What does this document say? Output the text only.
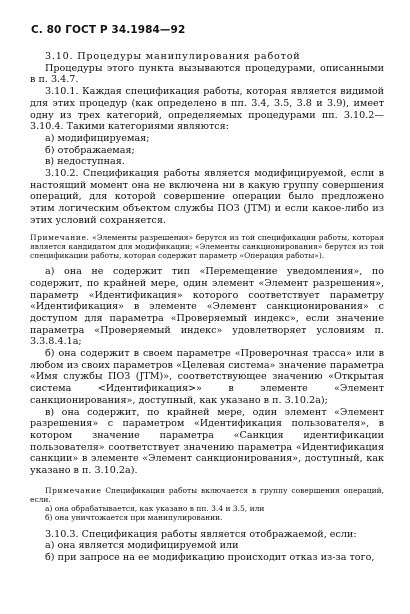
С. 80 ГОСТ Р 34.1984—92

3.10. Процедуры манипулирования работой

Процедуры этого пункта вызываются процедурами, описанными в п. 3.4.7.

3.10.1. Каждая спецификация работы, которая является видимой для этих процедур (как определено в пп. 3.4, 3.5, 3.8 и 3.9), имеет одну из трех категорий, определяемых процедурами пп. 3.10.2—3.10.4. Такими категориями являются:

а) модифицируемая;

б) отображаемая;

в) недоступная.

3.10.2. Спецификация работы является модифицируемой, если в настоящий момент она не включена ни в какую группу совершения операций, для которой совершение операции было предложено этим логическим объектом службы ПОЗ (JTM) и если какое-либо из этих условий сохраняется.

Примечание. «Элементы разрешения» берутся из той спецификации работы, которая является кандидатом для модификации; «Элементы санкционирования» берутся из той спецификации работы, которая содержит параметр «Операция работы»).

а) она не содержит тип «Перемещение уведомления», по содержит, по крайней мере, один элемент «Элемент разрешения», параметр «Идентификация» которого соответствует параметру «Идентификация» в элементе «Элемент санкционирования» с доступом для параметра «Проверяемый индекс», если значение параметра «Проверяемый индекс» удовлетворяет условиям п. 3.3.8.4.1а;

б) она содержит в своем параметре «Проверочная трасса» или в любом из своих параметров «Целевая система» значение параметра «Имя службы ПОЗ (JTM)», соответствующее значению «Открытая система <Идентификация>» в элементе «Элемент санкционирования», доступный, как указано в п. 3.10.2а);

в) она содержит, по крайней мере, один элемент «Элемент разрешения» с параметром «Идентификация пользователя», в котором значение параметра «Санкция идентификации пользователя» соответствует значению параметра «Идентификация санкции» в элементе «Элемент санкционирования», доступный, как указано в п. 3.10.2а).

Примечание Спецификация работы включается в группу совершения операций, если.
а) она обрабатывается, как указано в пп. 3.4 и 3.5, или
б) она уничтожается при манипулировании.

3.10.3. Спецификация работы является отображаемой, если:

а) она является модифицируемой или

б) при запросе на ее модификацию происходит отказ из-за того,
